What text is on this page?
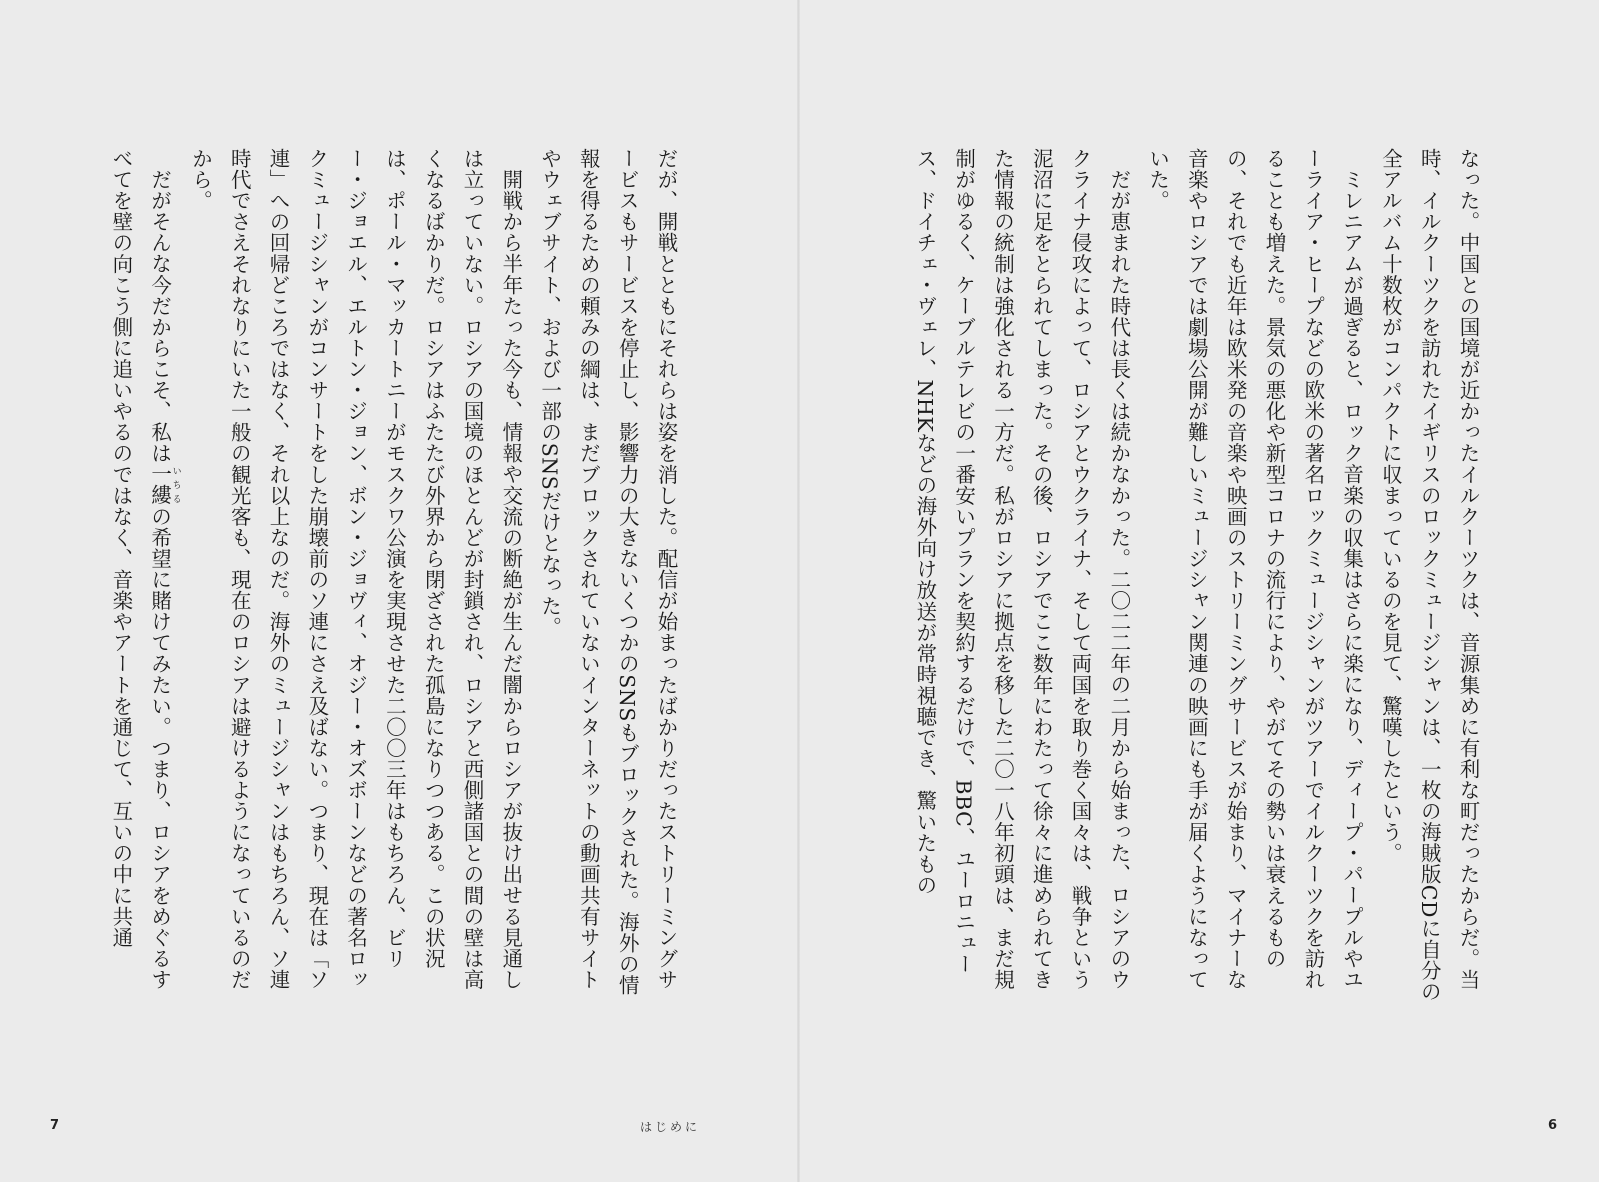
だが、開戦とともにそれらは姿を消した。配信が始まったばかりだったストリーミングサービスもサービスを停止し、影響力の大きないくつかのSNSもブロックされた。海外の情報を得るための頼みの綱は、まだブロックされていないインターネットの動画共有サイトやウェブサイト、および一部のSNSだけとなった。

開戦から半年たった今も、情報や交流の断絶が生んだ闇からロシアが抜け出せる見通しは立っていない。ロシアの国境のほとんどが封鎖され、ロシアと西側諸国との間の壁は高くなるばかりだ。ロシアはふたたび外界から閉ざされた孤島になりつつある。この状況は、ポール・マッカートニーがモスクワ公演を実現させた二〇〇三年はもちろん、ビリー・ジョエル、エルトン・ジョン、ボン・ジョヴィ、オジー・オズボーンなどの著名ロックミュージシャンがコンサートをした崩壊前のソ連にさえ及ばない。つまり、現在は「ソ連」への回帰どころではなく、それ以上なのだ。海外のミュージシャンはもちろん、ソ連時代でさえそれなりにいた一般の観光客も、現在のロシアは避けるようになっているのだから。

だがそんな今だからこそ、私は一縷 いちるの希望に賭けてみたい。つまり、ロシアをめぐるすべてを壁の向こう側に追いやるのではなく、音楽やアートを通じて、互いの中に共通

7	はじめに

なった。中国との国境が近かったイルクーツクは、音源集めに有利な町だったからだ。当時、イルクーツクを訪れたイギリスのロックミュージシャンは、一枚の海賊版CDに自分の全アルバム十数枚がコンパクトに収まっているのを見て、驚嘆したという。

ミレニアムが過ぎると、ロック音楽の収集はさらに楽になり、ディープ・パープルやユーライア・ヒープなどの欧米の著名ロックミュージシャンがツアーでイルクーツクを訪れることも増えた。景気の悪化や新型コロナの流行により、やがてその勢いは衰えるものの、それでも近年は欧米発の音楽や映画のストリーミングサービスが始まり、マイナーな音楽やロシアでは劇場公開が難しいミュージシャン関連の映画にも手が届くようになっていた。

だが恵まれた時代は長くは続かなかった。二〇二二年の二月から始まった、ロシアのウクライナ侵攻によって、ロシアとウクライナ、そして両国を取り巻く国々は、戦争という泥沼に足をとられてしまった。その後、ロシアでここ数年にわたって徐々に進められてきた情報の統制は強化される一方だ。私がロシアに拠点を移した二〇一八年初頭は、まだ規制がゆるく、ケーブルテレビの一番安いプランを契約するだけで、BBC、ユーロニュース、ドイチェ・ヴェレ、NHKなどの海外向け放送が常時視聴でき、驚いたもの

6
